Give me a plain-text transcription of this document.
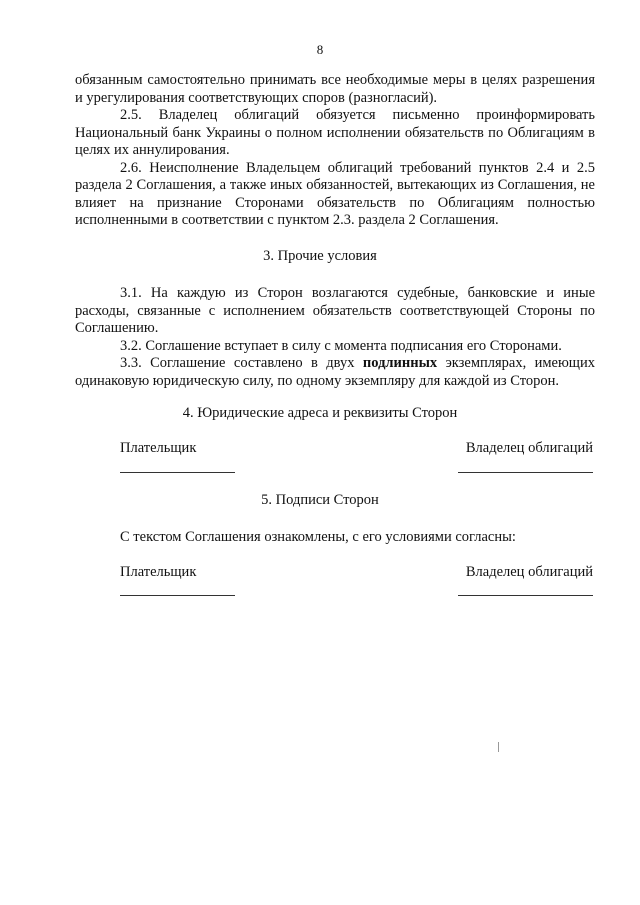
8

обязанным самостоятельно принимать все необходимые меры в целях разрешения и урегулирования соответствующих споров (разногласий).

2.5. Владелец облигаций обязуется письменно проинформировать Национальный банк Украины о полном исполнении обязательств по Облигациям в целях их аннулирования.

2.6. Неисполнение Владельцем облигаций требований пунктов 2.4 и 2.5 раздела 2 Соглашения, а также иных обязанностей, вытекающих из Соглашения, не влияет на признание Сторонами обязательств по Облигациям полностью исполненными в соответствии с пунктом 2.3. раздела 2 Соглашения.

3. Прочие условия

3.1. На каждую из Сторон возлагаются судебные, банковские и иные расходы, связанные с исполнением обязательств соответствующей Стороны по Соглашению.

3.2. Соглашение вступает в силу с момента подписания его Сторонами.

3.3. Соглашение составлено в двух подлинных экземплярах, имеющих одинаковую юридическую силу, по одному экземпляру для каждой из Сторон.

4. Юридические адреса и реквизиты Сторон
Плательщик	Владелец облигаций
5. Подписи Сторон
С текстом Соглашения ознакомлены, с его условиями согласны:
Плательщик	Владелец облигаций
